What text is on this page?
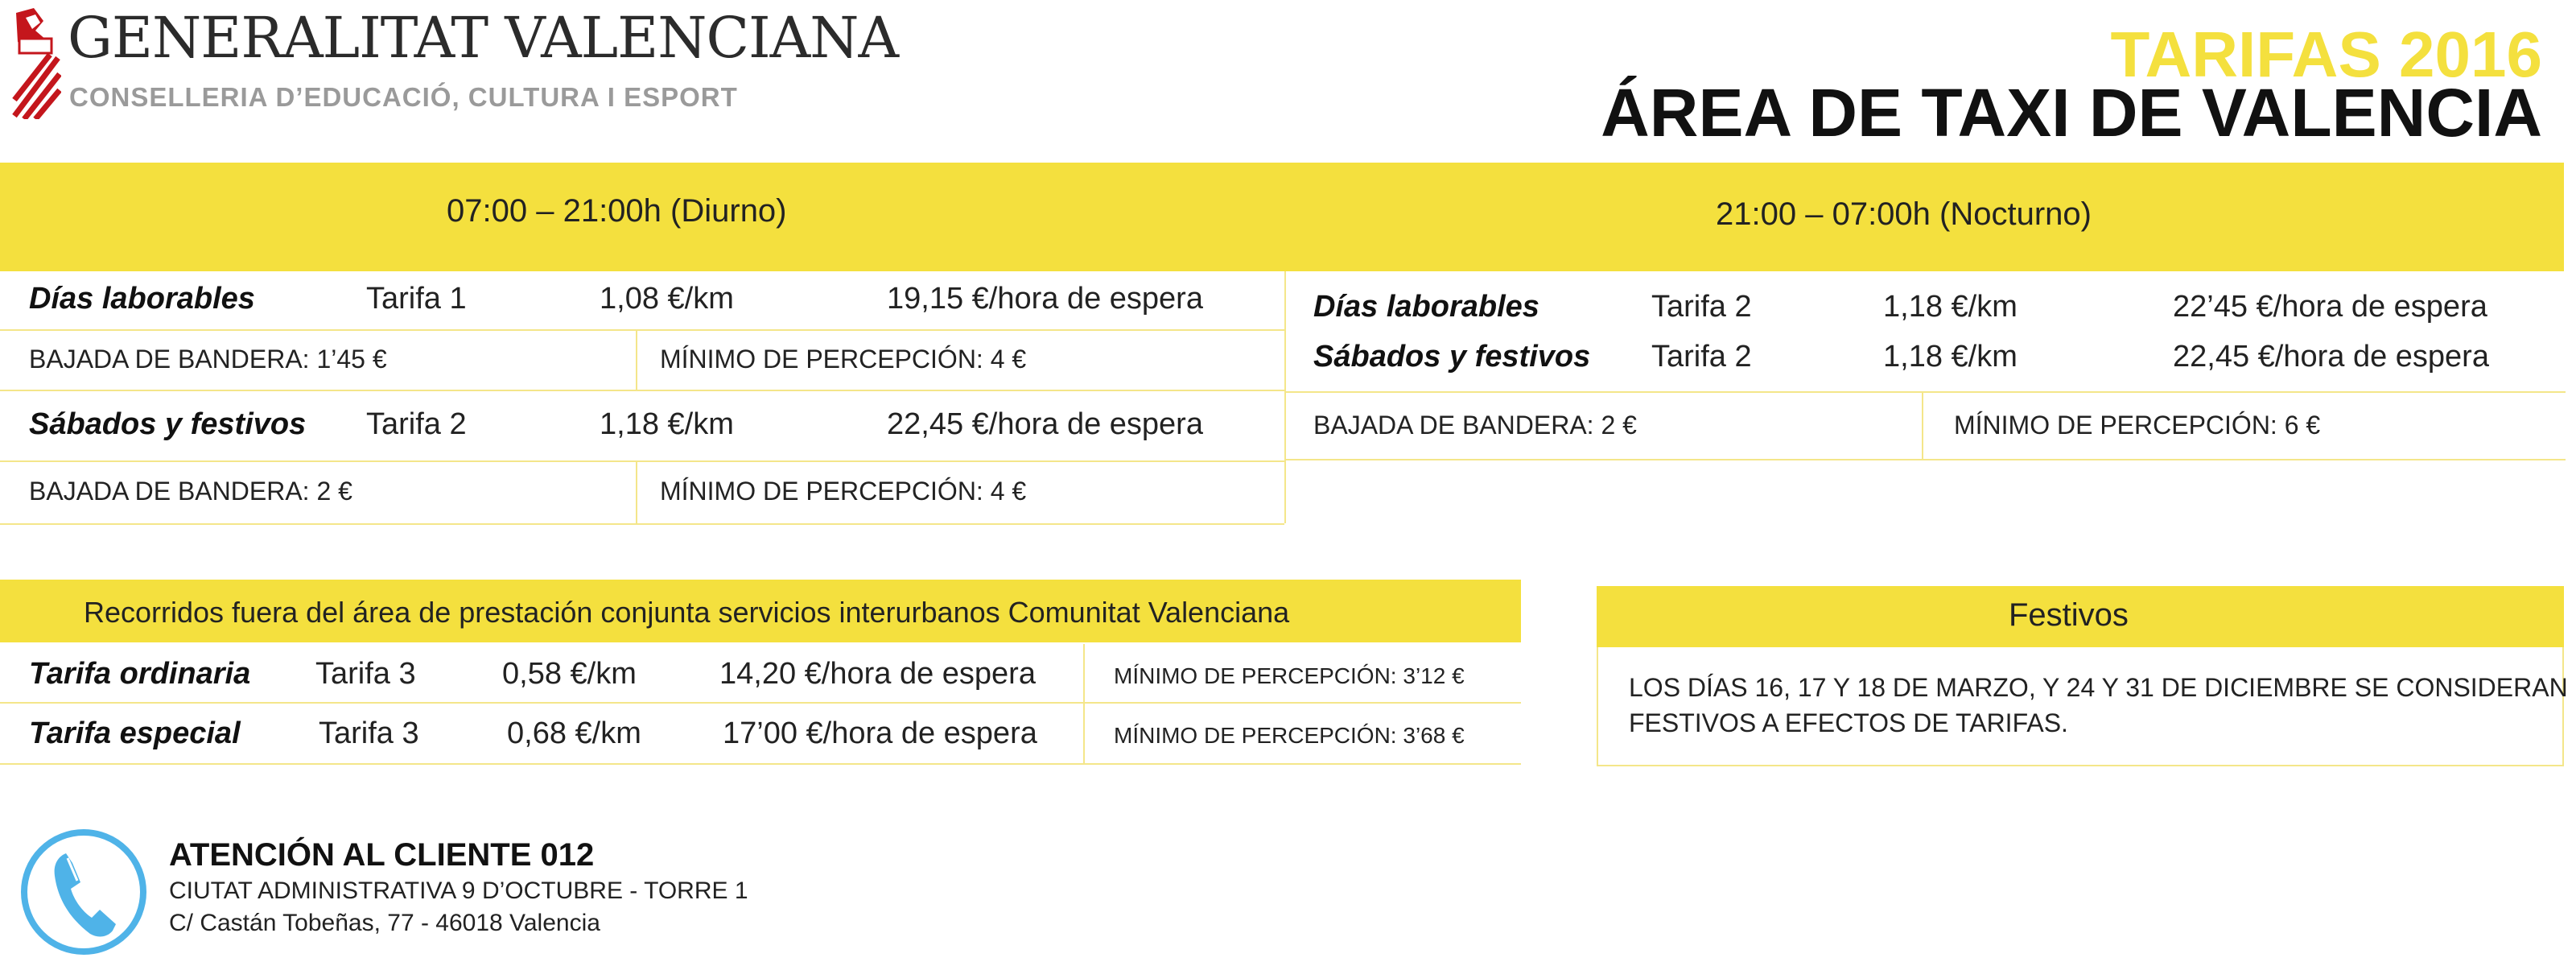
GENERALITAT VALENCIANA
CONSELLERIA D’EDUCACIÓ, CULTURA I ESPORT
TARIFAS 2016
ÁREA DE TAXI DE VALENCIA
07:00 – 21:00h (Diurno)	21:00 – 07:00h (Nocturno)
Días laborables	Tarifa 1	1,08 €/km	19,15 €/hora de espera
BAJADA DE BANDERA: 1’45 €	MÍNIMO DE PERCEPCIÓN: 4 €
Sábados y festivos Tarifa 2	1,18 €/km	22,45 €/hora de espera
BAJADA DE BANDERA: 2 €	MÍNIMO DE PERCEPCIÓN: 4 €
Días laborables	Tarifa 2	1,18 €/km	22’45 €/hora de espera
Sábados y festivos Tarifa 2	1,18 €/km	22,45 €/hora de espera
BAJADA DE BANDERA: 2 €	MÍNIMO DE PERCEPCIÓN: 6 €
Recorridos fuera del área de prestación conjunta servicios interurbanos Comunitat Valenciana
Tarifa ordinaria Tarifa 3	0,58 €/km	14,20 €/hora de espera	MÍNIMO DE PERCEPCIÓN: 3’12 €
Tarifa especial	Tarifa 3	0,68 €/km	17’00 €/hora de espera	MÍNIMO DE PERCEPCIÓN: 3’68 €
Festivos
LOS DÍAS 16, 17 Y 18 DE MARZO, Y 24 Y 31 DE DICIEMBRE SE CONSIDERAN
FESTIVOS A EFECTOS DE TARIFAS.
ATENCIÓN AL CLIENTE 012
CIUTAT ADMINISTRATIVA 9 D’OCTUBRE - TORRE 1
C/ Castán Tobeñas, 77 - 46018 Valencia
